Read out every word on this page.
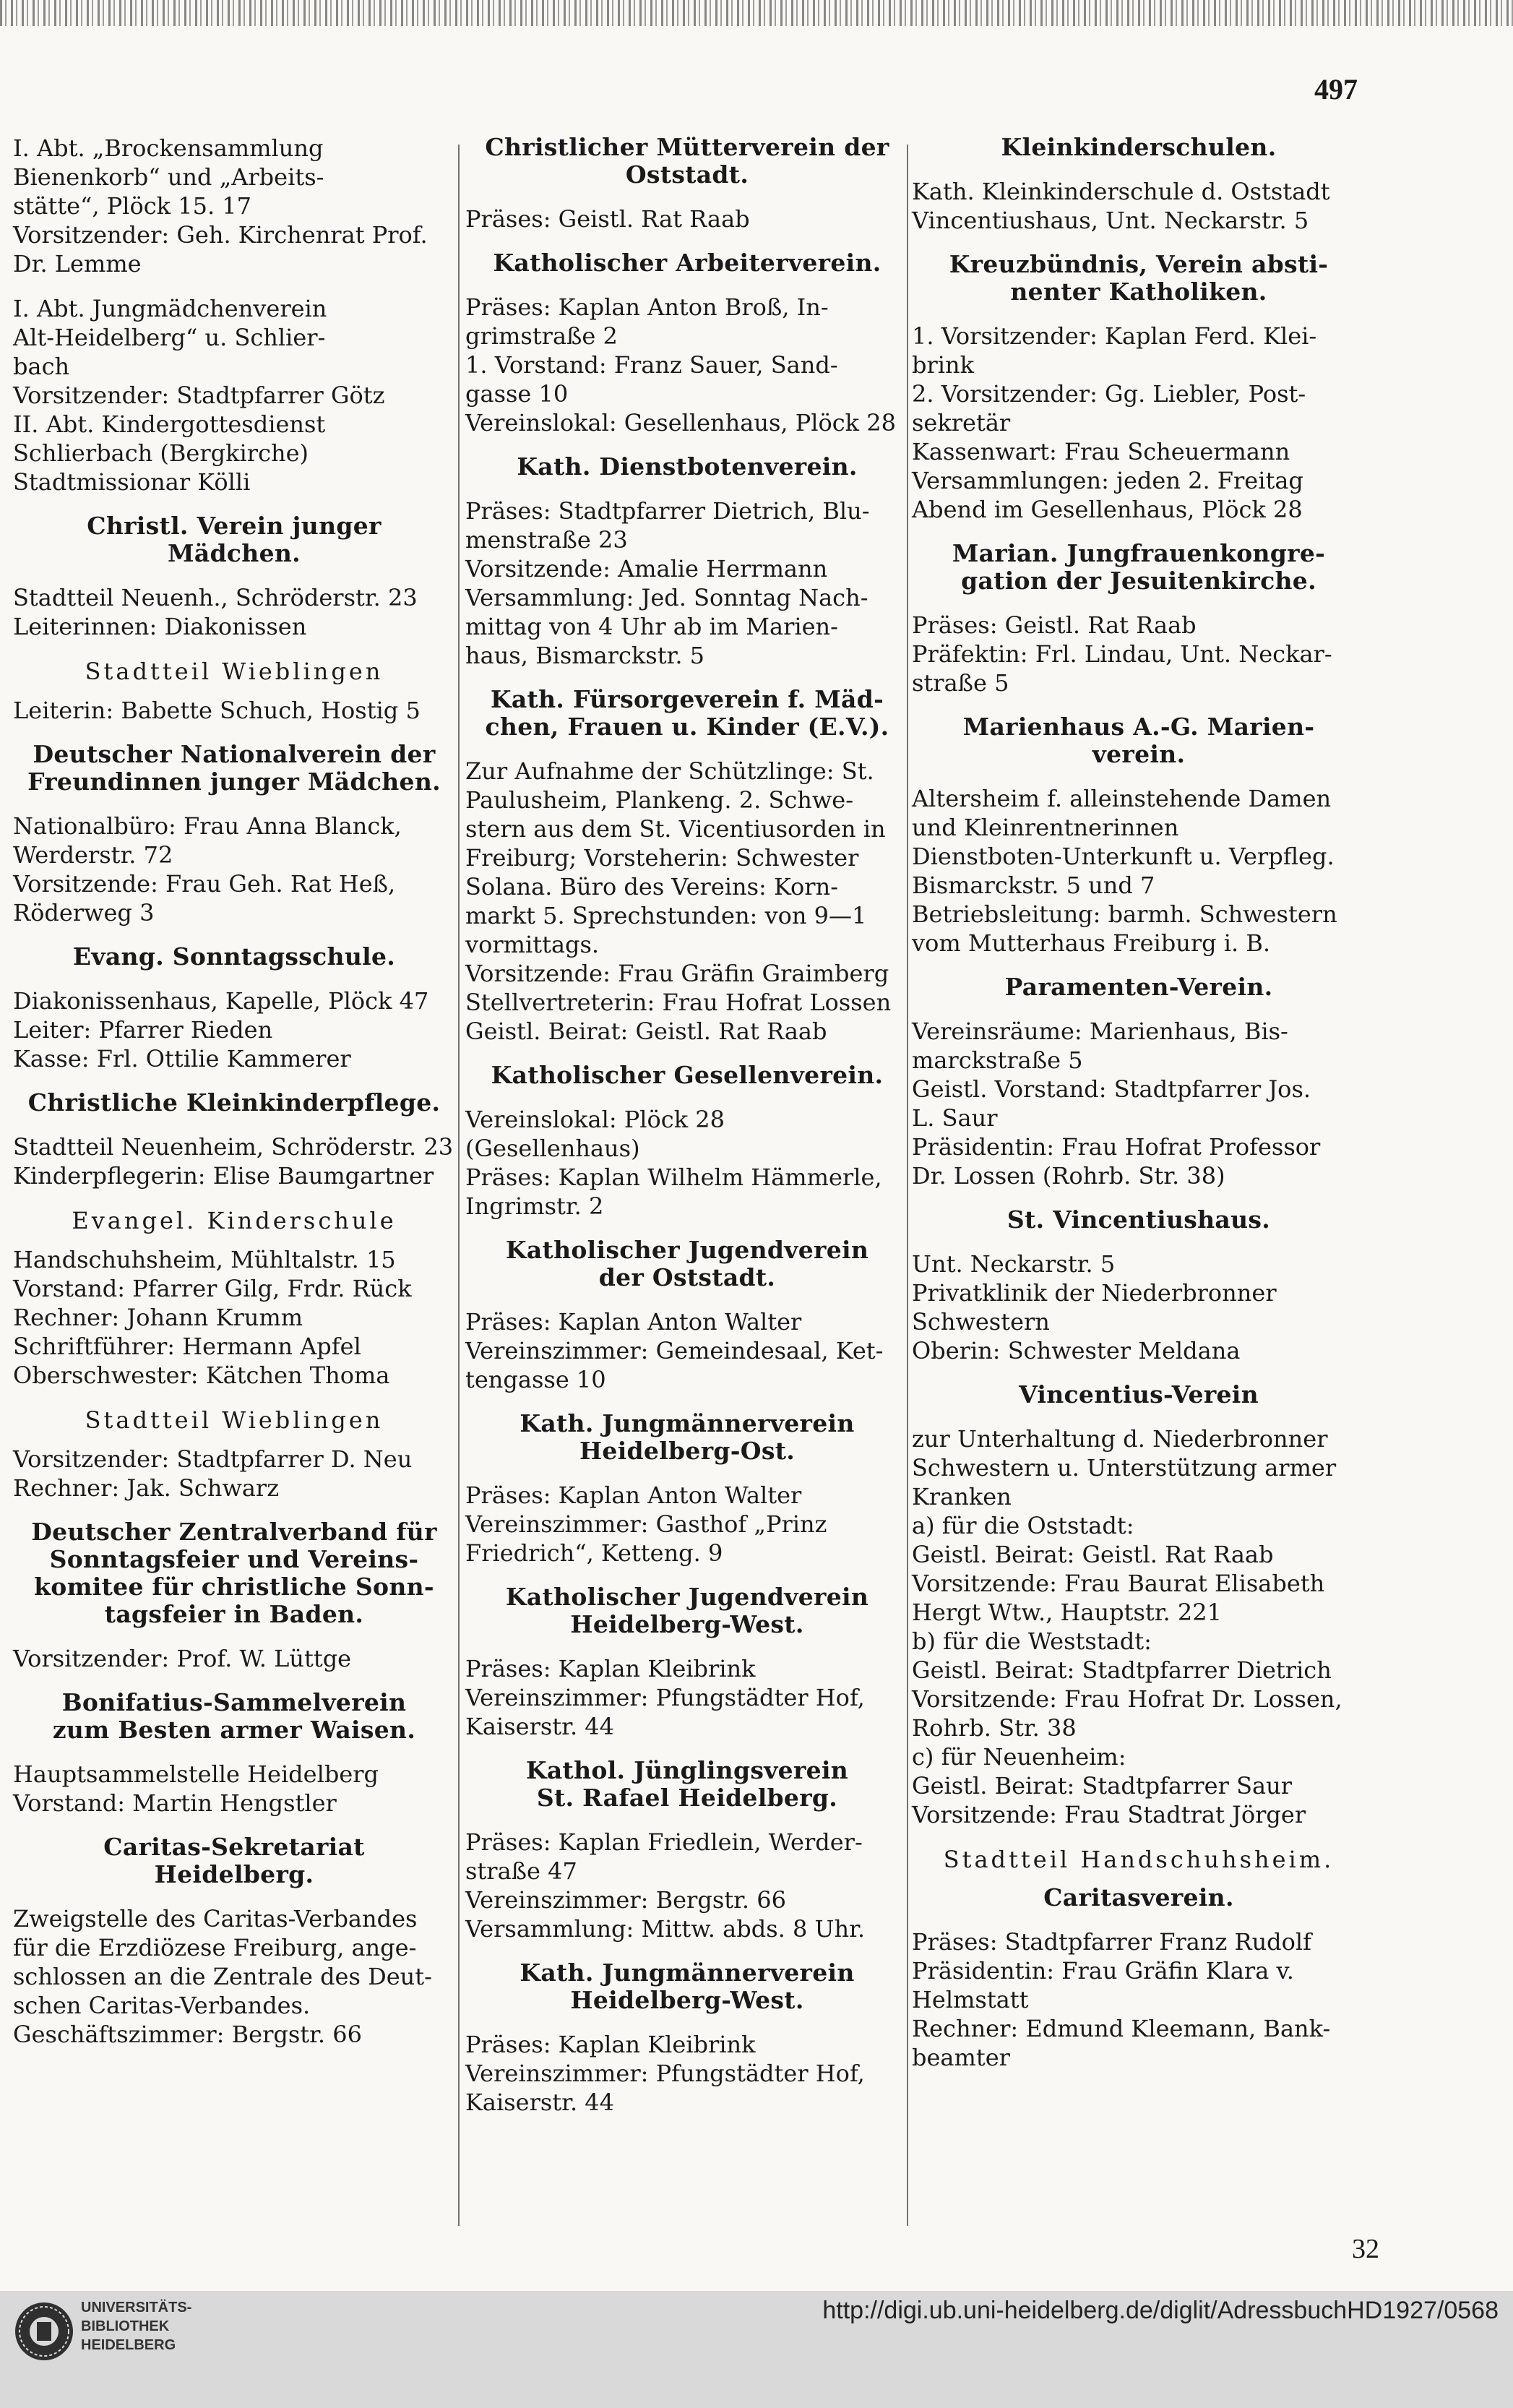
497
I. Abt. „Brockensammlung
Bienenkorb“ und „Arbeits-
stätte“, Plöck 15. 17
Vorsitzender: Geh. Kirchenrat Prof.
Dr. Lemme
I. Abt. Jungmädchenverein
Alt-Heidelberg“ u. Schlier-
bach
Vorsitzender: Stadtpfarrer Götz
II. Abt. Kindergottesdienst
Schlierbach (Bergkirche)
Stadtmissionar Kölli
Christl. Verein junger
Mädchen.
Stadtteil Neuenh., Schröderstr. 23
Leiterinnen: Diakonissen
Stadtteil Wieblingen
Leiterin: Babette Schuch, Hostig 5
Deutscher Nationalverein der
Freundinnen junger Mädchen.
Nationalbüro: Frau Anna Blanck,
Werderstr. 72
Vorsitzende: Frau Geh. Rat Heß,
Röderweg 3
Evang. Sonntagsschule.
Diakonissenhaus, Kapelle, Plöck 47
Leiter: Pfarrer Rieden
Kasse: Frl. Ottilie Kammerer
Christliche Kleinkinderpflege.
Stadtteil Neuenheim, Schröderstr. 23
Kinderpflegerin: Elise Baumgartner
Evangel. Kinderschule
Handschuhsheim, Mühltalstr. 15
Vorstand: Pfarrer Gilg, Frdr. Rück
Rechner: Johann Krumm
Schriftführer: Hermann Apfel
Oberschwester: Kätchen Thoma
Stadtteil Wieblingen
Vorsitzender: Stadtpfarrer D. Neu
Rechner: Jak. Schwarz
Deutscher Zentralverband für
Sonntagsfeier und Vereins-
komitee für christliche Sonn-
tagsfeier in Baden.
Vorsitzender: Prof. W. Lüttge
Bonifatius-Sammelverein
zum Besten armer Waisen.
Hauptsammelstelle Heidelberg
Vorstand: Martin Hengstler
Caritas-Sekretariat
Heidelberg.
Zweigstelle des Caritas-Verbandes
für die Erzdiözese Freiburg, ange-
schlossen an die Zentrale des Deut-
schen Caritas-Verbandes.
Geschäftszimmer: Bergstr. 66
Christlicher Mütterverein der
Oststadt.
Präses: Geistl. Rat Raab
Katholischer Arbeiterverein.
Präses: Kaplan Anton Broß, In-
grimstraße 2
1. Vorstand: Franz Sauer, Sand-
gasse 10
Vereinslokal: Gesellenhaus, Plöck 28
Kath. Dienstbotenverein.
Präses: Stadtpfarrer Dietrich, Blu-
menstraße 23
Vorsitzende: Amalie Herrmann
Versammlung: Jed. Sonntag Nach-
mittag von 4 Uhr ab im Marien-
haus, Bismarckstr. 5
Kath. Fürsorgeverein f. Mäd-
chen, Frauen u. Kinder (E.V.).
Zur Aufnahme der Schützlinge: St.
Paulusheim, Plankeng. 2. Schwe-
stern aus dem St. Vicentiusorden in
Freiburg; Vorsteherin: Schwester
Solana. Büro des Vereins: Korn-
markt 5. Sprechstunden: von 9—1
vormittags.
Vorsitzende: Frau Gräfin Graimberg
Stellvertreterin: Frau Hofrat Lossen
Geistl. Beirat: Geistl. Rat Raab
Katholischer Gesellenverein.
Vereinslokal: Plöck 28
(Gesellenhaus)
Präses: Kaplan Wilhelm Hämmerle,
Ingrimstr. 2
Katholischer Jugendverein
der Oststadt.
Präses: Kaplan Anton Walter
Vereinszimmer: Gemeindesaal, Ket-
tengasse 10
Kath. Jungmännerverein
Heidelberg-Ost.
Präses: Kaplan Anton Walter
Vereinszimmer: Gasthof „Prinz
Friedrich“, Ketteng. 9
Katholischer Jugendverein
Heidelberg-West.
Präses: Kaplan Kleibrink
Vereinszimmer: Pfungstädter Hof,
Kaiserstr. 44
Kathol. Jünglingsverein
St. Rafael Heidelberg.
Präses: Kaplan Friedlein, Werder-
straße 47
Vereinszimmer: Bergstr. 66
Versammlung: Mittw. abds. 8 Uhr.
Kath. Jungmännerverein
Heidelberg-West.
Präses: Kaplan Kleibrink
Vereinszimmer: Pfungstädter Hof,
Kaiserstr. 44
Kleinkinderschulen.
Kath. Kleinkinderschule d. Oststadt
Vincentiushaus, Unt. Neckarstr. 5
Kreuzbündnis, Verein absti-
nenter Katholiken.
1. Vorsitzender: Kaplan Ferd. Klei-
brink
2. Vorsitzender: Gg. Liebler, Post-
sekretär
Kassenwart: Frau Scheuermann
Versammlungen: jeden 2. Freitag
Abend im Gesellenhaus, Plöck 28
Marian. Jungfrauenkongre-
gation der Jesuitenkirche.
Präses: Geistl. Rat Raab
Präfektin: Frl. Lindau, Unt. Neckar-
straße 5
Marienhaus A.-G. Marien-
verein.
Altersheim f. alleinstehende Damen
und Kleinrentnerinnen
Dienstboten-Unterkunft u. Verpfleg.
Bismarckstr. 5 und 7
Betriebsleitung: barmh. Schwestern
vom Mutterhaus Freiburg i. B.
Paramenten-Verein.
Vereinsräume: Marienhaus, Bis-
marckstraße 5
Geistl. Vorstand: Stadtpfarrer Jos.
L. Saur
Präsidentin: Frau Hofrat Professor
Dr. Lossen (Rohrb. Str. 38)
St. Vincentiushaus.
Unt. Neckarstr. 5
Privatklinik der Niederbronner
Schwestern
Oberin: Schwester Meldana
Vincentius-Verein
zur Unterhaltung d. Niederbronner
Schwestern u. Unterstützung armer
Kranken
a) für die Oststadt:
Geistl. Beirat: Geistl. Rat Raab
Vorsitzende: Frau Baurat Elisabeth
Hergt Wtw., Hauptstr. 221
b) für die Weststadt:
Geistl. Beirat: Stadtpfarrer Dietrich
Vorsitzende: Frau Hofrat Dr. Lossen,
Rohrb. Str. 38
c) für Neuenheim:
Geistl. Beirat: Stadtpfarrer Saur
Vorsitzende: Frau Stadtrat Jörger
Stadtteil Handschuhsheim.
Caritasverein.
Präses: Stadtpfarrer Franz Rudolf
Präsidentin: Frau Gräfin Klara v.
Helmstatt
Rechner: Edmund Kleemann, Bank-
beamter
32
UNIVERSITÄTS-
BIBLIOTHEK
HEIDELBERG
http://digi.ub.uni-heidelberg.de/diglit/AdressbuchHD1927/0568
